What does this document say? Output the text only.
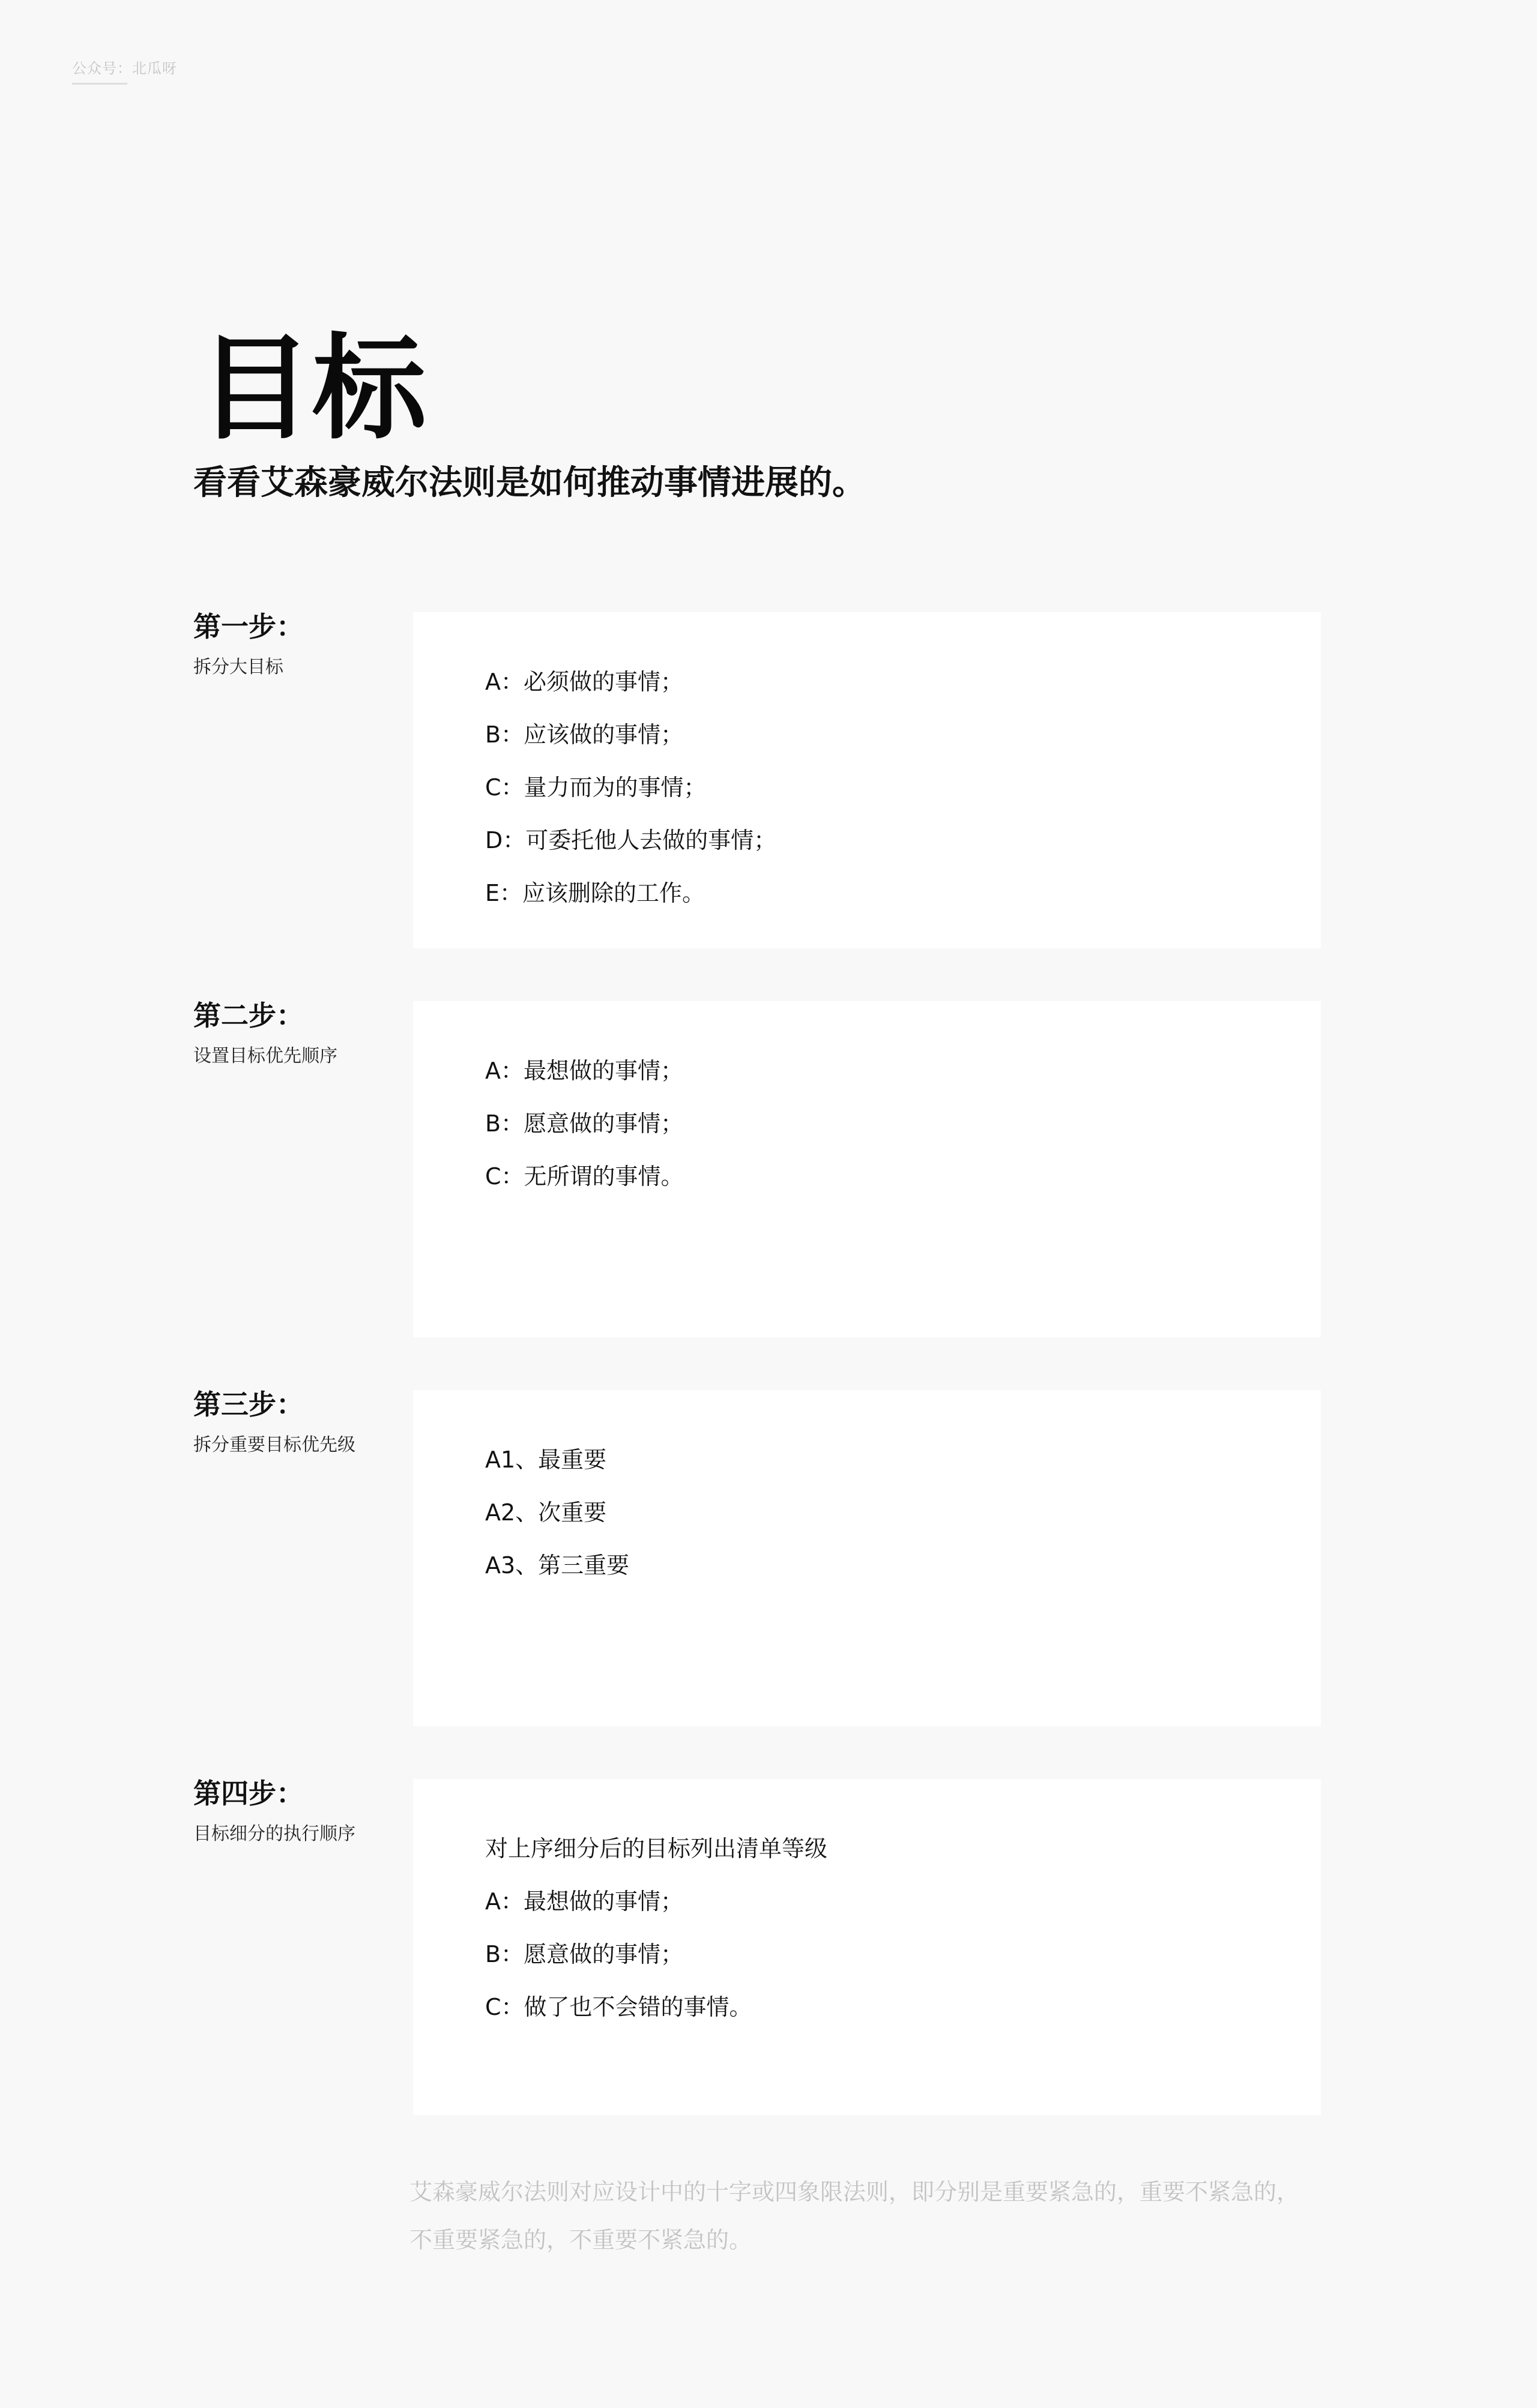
公众号：北瓜呀
目标
看看艾森豪威尔法则是如何推动事情进展的。
第一步：
拆分大目标
A：必须做的事情；
B：应该做的事情；
C：量力而为的事情；
D：可委托他人去做的事情；
E：应该删除的工作。
第二步：
设置目标优先顺序
A：最想做的事情；
B：愿意做的事情；
C：无所谓的事情。
第三步：
拆分重要目标优先级
A1、最重要
A2、次重要
A3、第三重要
第四步：
目标细分的执行顺序
对上序细分后的目标列出清单等级
A：最想做的事情；
B：愿意做的事情；
C：做了也不会错的事情。

艾森豪威尔法则对应设计中的十字或四象限法则，即分别是重要紧急的，重要不紧急的，

不重要紧急的，不重要不紧急的。
